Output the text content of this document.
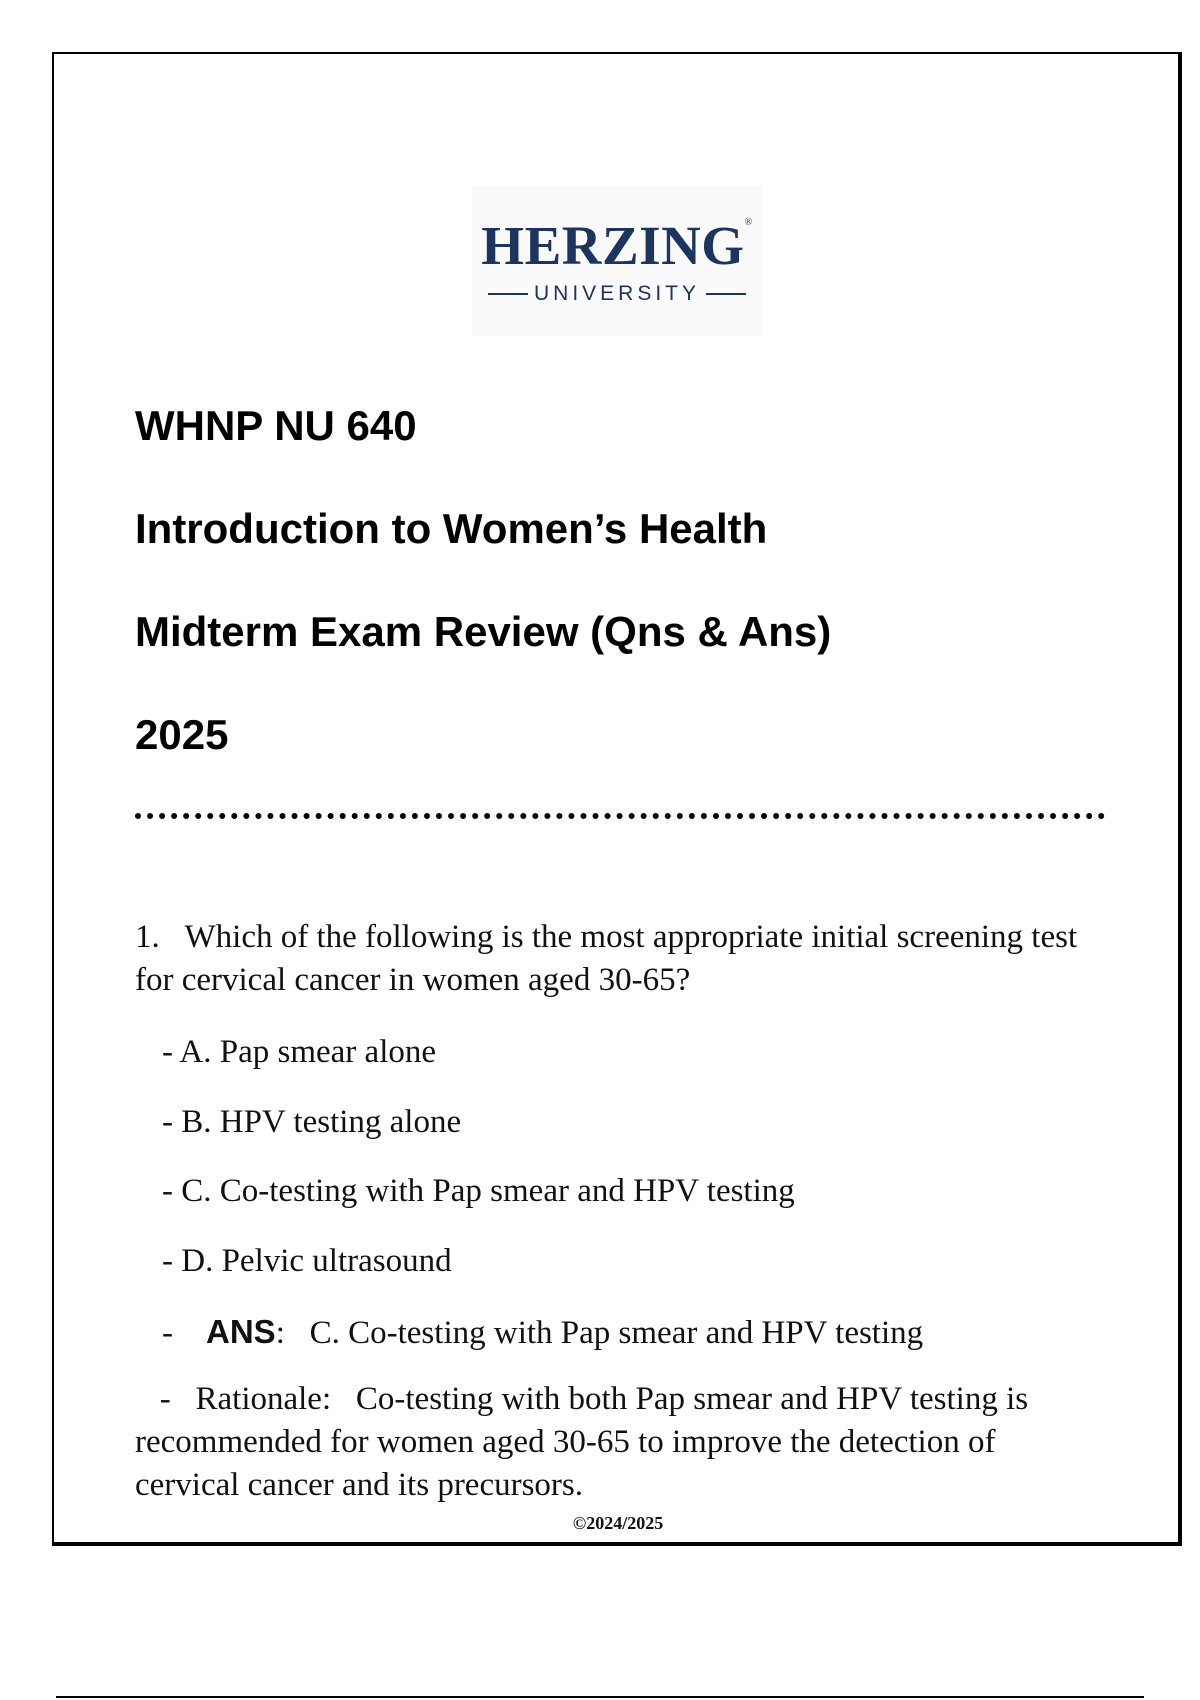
HERZING®
UNIVERSITY
WHNP NU 640
Introduction to Women’s Health
Midterm Exam Review (Qns & Ans)
2025
1. Which of the following is the most appropriate initial screening test for cervical cancer in women aged 30-65?
- A. Pap smear alone
- B. HPV testing alone
- C. Co-testing with Pap smear and HPV testing
- D. Pelvic ultrasound
- ANS:   C. Co-testing with Pap smear and HPV testing
- Rationale: Co-testing with both Pap smear and HPV testing is recommended for women aged 30-65 to improve the detection of cervical cancer and its precursors.
©2024/2025
